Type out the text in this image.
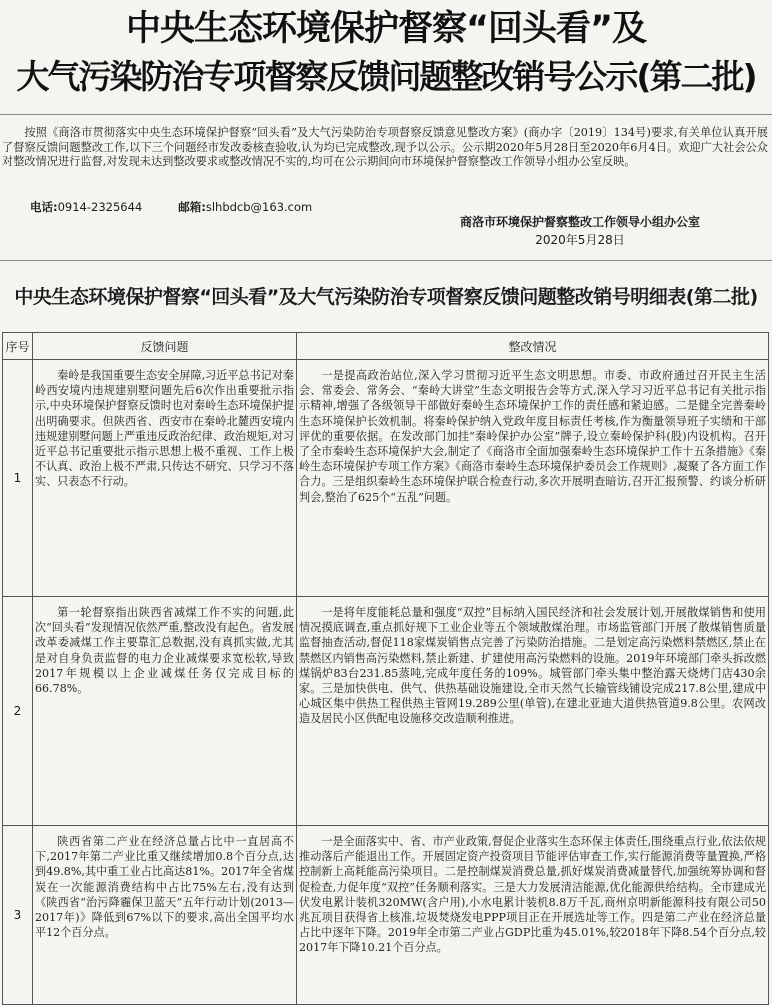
中央生态环境保护督察“回头看”及
大气污染防治专项督察反馈问题整改销号公示(第二批)
按照《商洛市贯彻落实中央生态环境保护督察“回头看”及大气污染防治专项督察反馈意见整改方案》(商办字〔2019〕134号)要求,有关单位认真开展了督察反馈问题整改工作,以下三个问题经市发改委核查验收,认为均已完成整改,现予以公示。公示期2020年5月28日至2020年6月4日。欢迎广大社会公众对整改情况进行监督,对发现未达到整改要求或整改情况不实的,均可在公示期间向市环境保护督察整改工作领导小组办公室反映。
电话:0914-2325644	邮箱:slhbdcb@163.com
商洛市环境保护督察整改工作领导小组办公室
2020年5月28日
中央生态环境保护督察“回头看”及大气污染防治专项督察反馈问题整改销号明细表(第二批)
序号	反馈问题	整改情况
1	秦岭是我国重要生态安全屏障,习近平总书记对秦岭西安境内违规建别墅问题先后6次作出重要批示指示,中央环境保护督察反馈时也对秦岭生态环境保护提出明确要求。但陕西省、西安市在秦岭北麓西安境内违规建别墅问题上严重违反政治纪律、政治规矩,对习近平总书记重要批示指示思想上极不重视、工作上极不认真、政治上极不严肃,只传达不研究、只学习不落实、只表态不行动。	一是提高政治站位,深入学习贯彻习近平生态文明思想。市委、市政府通过召开民主生活会、常委会、常务会、“秦岭大讲堂”生态文明报告会等方式,深入学习习近平总书记有关批示指示精神,增强了各级领导干部做好秦岭生态环境保护工作的责任感和紧迫感。二是健全完善秦岭生态环境保护长效机制。将秦岭保护纳入党政年度目标责任考核,作为衡量领导班子实绩和干部评优的重要依据。在发改部门加挂“秦岭保护办公室”牌子,设立秦岭保护科(股)内设机构。召开了全市秦岭生态环境保护大会,制定了《商洛市全面加强秦岭生态环境保护工作十五条措施》《秦岭生态环境保护专项工作方案》《商洛市秦岭生态环境保护委员会工作规则》,凝聚了各方面工作合力。三是组织秦岭生态环境保护联合检查行动,多次开展明查暗访,召开汇报预警、约谈分析研判会,整治了625个“五乱”问题。
2	第一轮督察指出陕西省减煤工作不实的问题,此次“回头看”发现情况依然严重,整改没有起色。省发展改革委减煤工作主要靠汇总数据,没有真抓实做,尤其是对自身负责监督的电力企业减煤要求宽松软,导致2017年规模以上企业减煤任务仅完成目标的66.78%。	一是将年度能耗总量和强度“双控”目标纳入国民经济和社会发展计划,开展散煤销售和使用情况摸底调查,重点抓好规下工业企业等五个领域散煤治理。市场监管部门开展了散煤销售质量监督抽查活动,督促118家煤炭销售点完善了污染防治措施。二是划定高污染燃料禁燃区,禁止在禁燃区内销售高污染燃料,禁止新建、扩建使用高污染燃料的设施。2019年环境部门牵头拆改燃煤锅炉83台231.85蒸吨,完成年度任务的109%。城管部门牵头集中整治露天烧烤门店430余家。三是加快供电、供气、供热基础设施建设,全市天然气长输管线铺设完成217.8公里,建成中心城区集中供热工程供热主管网19.289公里(单管),在建北亚迪大道供热管道9.8公里。农网改造及居民小区供配电设施移交改造顺利推进。
3	陕西省第二产业在经济总量占比中一直居高不下,2017年第二产业比重又继续增加0.8个百分点,达到49.8%,其中重工业占比高达81%。2017年全省煤炭在一次能源消费结构中占比75%左右,没有达到《陕西省“治污降霾保卫蓝天”五年行动计划(2013—2017年)》降低到67%以下的要求,高出全国平均水平12个百分点。	一是全面落实中、省、市产业政策,督促企业落实生态环保主体责任,围绕重点行业,依法依规推动落后产能退出工作。开展固定资产投资项目节能评估审查工作,实行能源消费等量置换,严格控制新上高耗能高污染项目。二是控制煤炭消费总量,抓好煤炭消费减量替代,加强统筹协调和督促检查,力促年度“双控”任务顺利落实。三是大力发展清洁能源,优化能源供给结构。全市建成光伏发电累计装机320MW(含户用),小水电累计装机8.8万千瓦,商州京明新能源科技有限公司50兆瓦项目获得省上核准,垃圾焚烧发电PPP项目正在开展选址等工作。四是第二产业在经济总量占比中逐年下降。2019年全市第二产业占GDP比重为45.01%,较2018年下降8.54个百分点,较2017年下降10.21个百分点。
